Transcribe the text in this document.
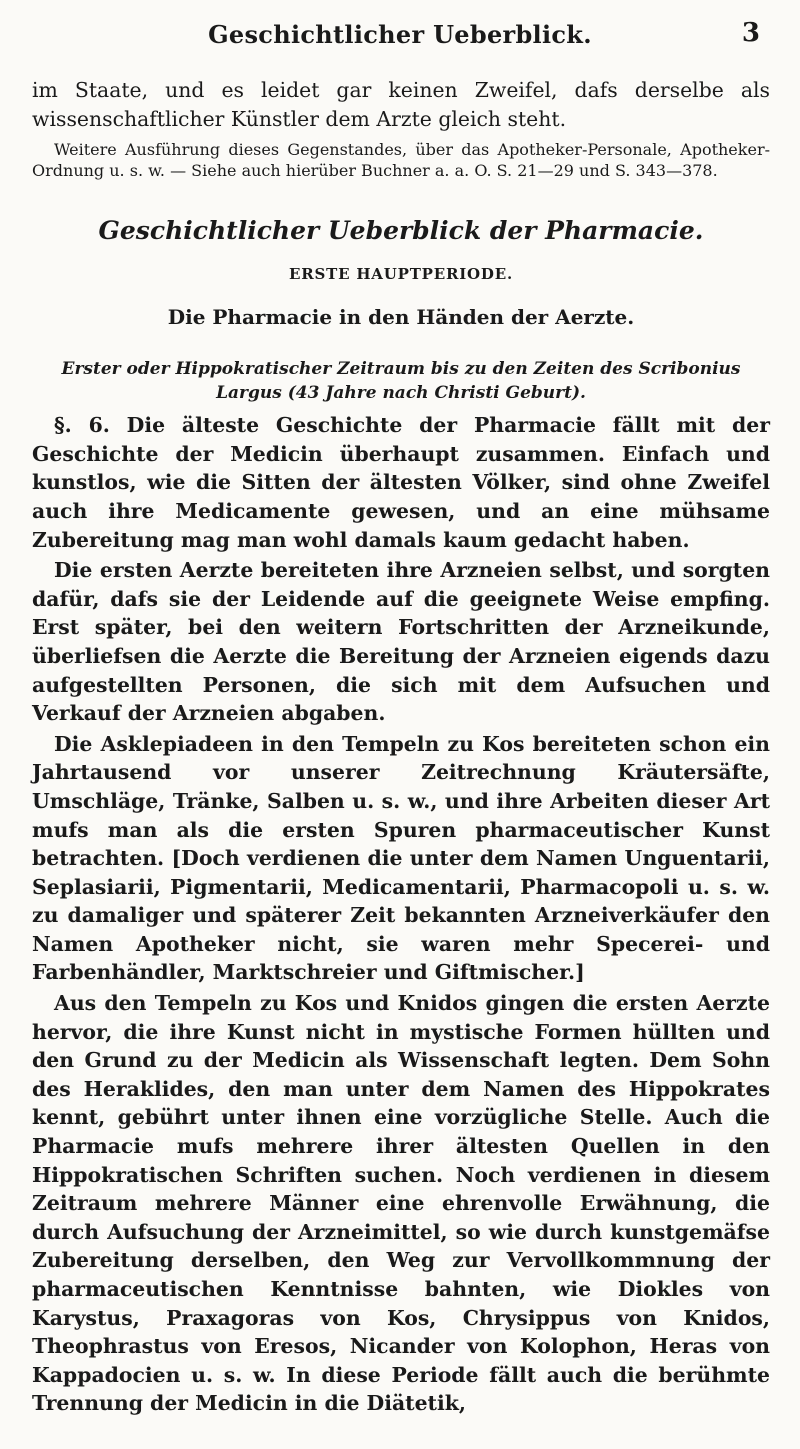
Geschichtlicher Ueberblick.	3

im Staate, und es leidet gar keinen Zweifel, dafs derselbe als wissenschaftlicher Künstler dem Arzte gleich steht.

Weitere Ausführung dieses Gegenstandes, über das Apotheker-Personale, Apotheker-Ordnung u. s. w. — Siehe auch hierüber Buchner a. a. O. S. 21—29 und S. 343—378.

Geschichtlicher Ueberblick der Pharmacie.
ERSTE HAUPTPERIODE.
Die Pharmacie in den Händen der Aerzte.
Erster oder Hippokratischer Zeitraum bis zu den Zeiten des Scribonius Largus (43 Jahre nach Christi Geburt).

§. 6. Die älteste Geschichte der Pharmacie fällt mit der Geschichte der Medicin überhaupt zusammen. Einfach und kunstlos, wie die Sitten der ältesten Völker, sind ohne Zweifel auch ihre Medicamente gewesen, und an eine mühsame Zubereitung mag man wohl damals kaum gedacht haben.

Die ersten Aerzte bereiteten ihre Arzneien selbst, und sorgten dafür, dafs sie der Leidende auf die geeignete Weise empfing. Erst später, bei den weitern Fortschritten der Arzneikunde, überliefsen die Aerzte die Bereitung der Arzneien eigends dazu aufgestellten Personen, die sich mit dem Aufsuchen und Verkauf der Arzneien abgaben.

Die Asklepiadeen in den Tempeln zu Kos bereiteten schon ein Jahrtausend vor unserer Zeitrechnung Kräutersäfte, Umschläge, Tränke, Salben u. s. w., und ihre Arbeiten dieser Art mufs man als die ersten Spuren pharmaceutischer Kunst betrachten. [Doch verdienen die unter dem Namen Unguentarii, Seplasiarii, Pigmentarii, Medicamentarii, Pharmacopoli u. s. w. zu damaliger und späterer Zeit bekannten Arzneiverkäufer den Namen Apotheker nicht, sie waren mehr Specerei- und Farbenhändler, Marktschreier und Giftmischer.]

Aus den Tempeln zu Kos und Knidos gingen die ersten Aerzte hervor, die ihre Kunst nicht in mystische Formen hüllten und den Grund zu der Medicin als Wissenschaft legten. Dem Sohn des Heraklides, den man unter dem Namen des Hippokrates kennt, gebührt unter ihnen eine vorzügliche Stelle. Auch die Pharmacie mufs mehrere ihrer ältesten Quellen in den Hippokratischen Schriften suchen. Noch verdienen in diesem Zeitraum mehrere Männer eine ehrenvolle Erwähnung, die durch Aufsuchung der Arzneimittel, so wie durch kunstgemäfse Zubereitung derselben, den Weg zur Vervollkommnung der pharmaceutischen Kenntnisse bahnten, wie Diokles von Karystus, Praxagoras von Kos, Chrysippus von Knidos, Theophrastus von Eresos, Nicander von Kolophon, Heras von Kappadocien u. s. w. In diese Periode fällt auch die berühmte Trennung der Medicin in die Diätetik,
